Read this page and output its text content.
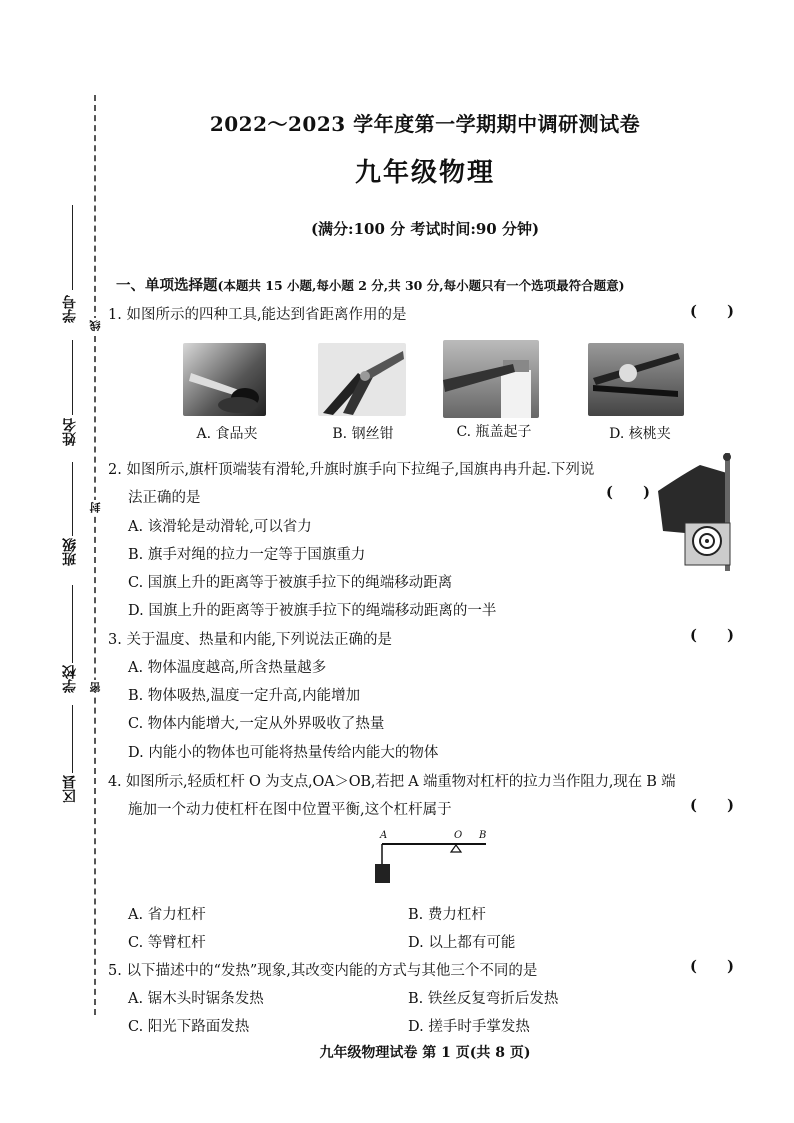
学号
姓名
班级
学校
区县
线
封
密
2022～2023 学年度第一学期期中调研测试卷
九年级物理
(满分:100 分 考试时间:90 分钟)
一、单项选择题(本题共 15 小题,每小题 2 分,共 30 分,每小题只有一个选项最符合题意)
1. 如图所示的四种工具,能达到省距离作用的是	(      )
A. 食品夹	B. 钢丝钳	C. 瓶盖起子	D. 核桃夹
2. 如图所示,旗杆顶端装有滑轮,升旗时旗手向下拉绳子,国旗冉冉升起.下列说
法正确的是	(      )
A. 该滑轮是动滑轮,可以省力
B. 旗手对绳的拉力一定等于国旗重力
C. 国旗上升的距离等于被旗手拉下的绳端移动距离
D. 国旗上升的距离等于被旗手拉下的绳端移动距离的一半
3. 关于温度、热量和内能,下列说法正确的是	(      )
A. 物体温度越高,所含热量越多
B. 物体吸热,温度一定升高,内能增加
C. 物体内能增大,一定从外界吸收了热量
D. 内能小的物体也可能将热量传给内能大的物体
4. 如图所示,轻质杠杆 O 为支点,OA＞OB,若把 A 端重物对杠杆的拉力当作阻力,现在 B 端
施加一个动力使杠杆在图中位置平衡,这个杠杆属于	(      )
A	O B
A. 省力杠杆	B. 费力杠杆
C. 等臂杠杆	D. 以上都有可能
5. 以下描述中的“发热”现象,其改变内能的方式与其他三个不同的是	(      )
A. 锯木头时锯条发热	B. 铁丝反复弯折后发热
C. 阳光下路面发热	D. 搓手时手掌发热
九年级物理试卷 第 1 页(共 8 页)
